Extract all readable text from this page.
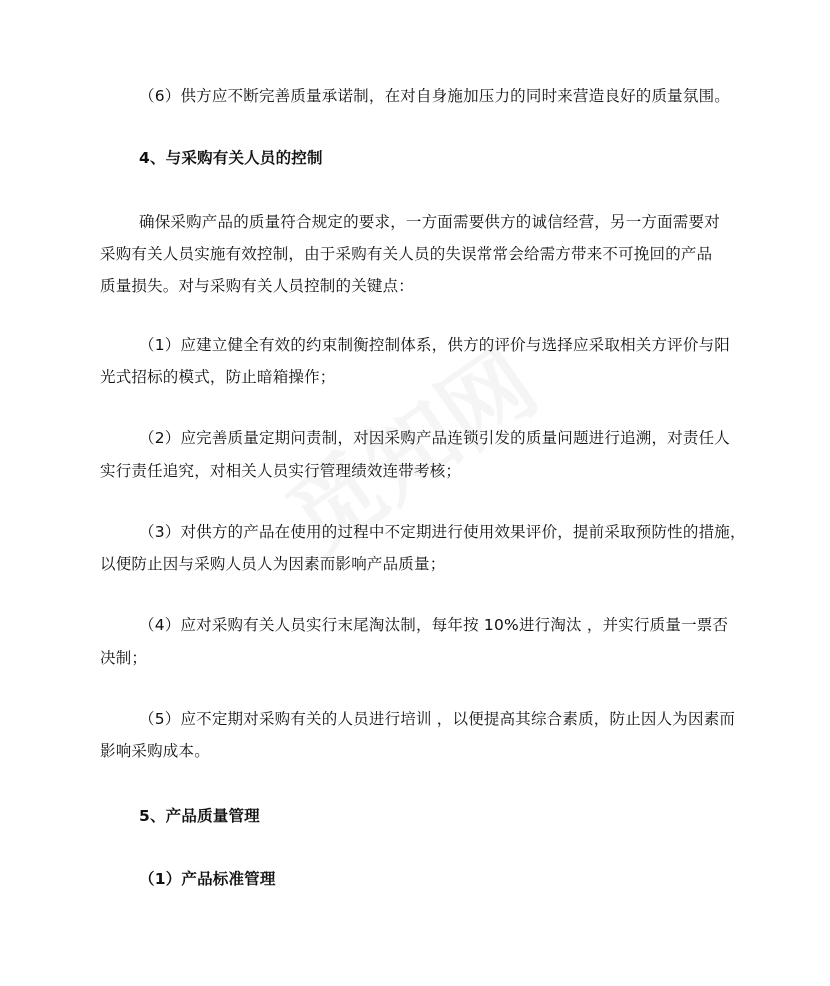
（6）供方应不断完善质量承诺制，在对自身施加压力的同时来营造良好的质量氛围。
4、与采购有关人员的控制
确保采购产品的质量符合规定的要求，一方面需要供方的诚信经营，另一方面需要对
采购有关人员实施有效控制，由于采购有关人员的失误常常会给需方带来不可挽回的产品
质量损失。对与采购有关人员控制的关键点：
（1）应建立健全有效的约束制衡控制体系，供方的评价与选择应采取相关方评价与阳
光式招标的模式，防止暗箱操作；
（2）应完善质量定期问责制，对因采购产品连锁引发的质量问题进行追溯，对责任人
实行责任追究，对相关人员实行管理绩效连带考核；
（3）对供方的产品在使用的过程中不定期进行使用效果评价，提前采取预防性的措施，
以便防止因与采购人员人为因素而影响产品质量；
（4）应对采购有关人员实行末尾淘汰制，每年按 10%进行淘汰 ，并实行质量一票否
决制；
（5）应不定期对采购有关的人员进行培训 ，以便提高其综合素质，防止因人为因素而
影响采购成本。
5、产品质量管理
（1）产品标准管理
